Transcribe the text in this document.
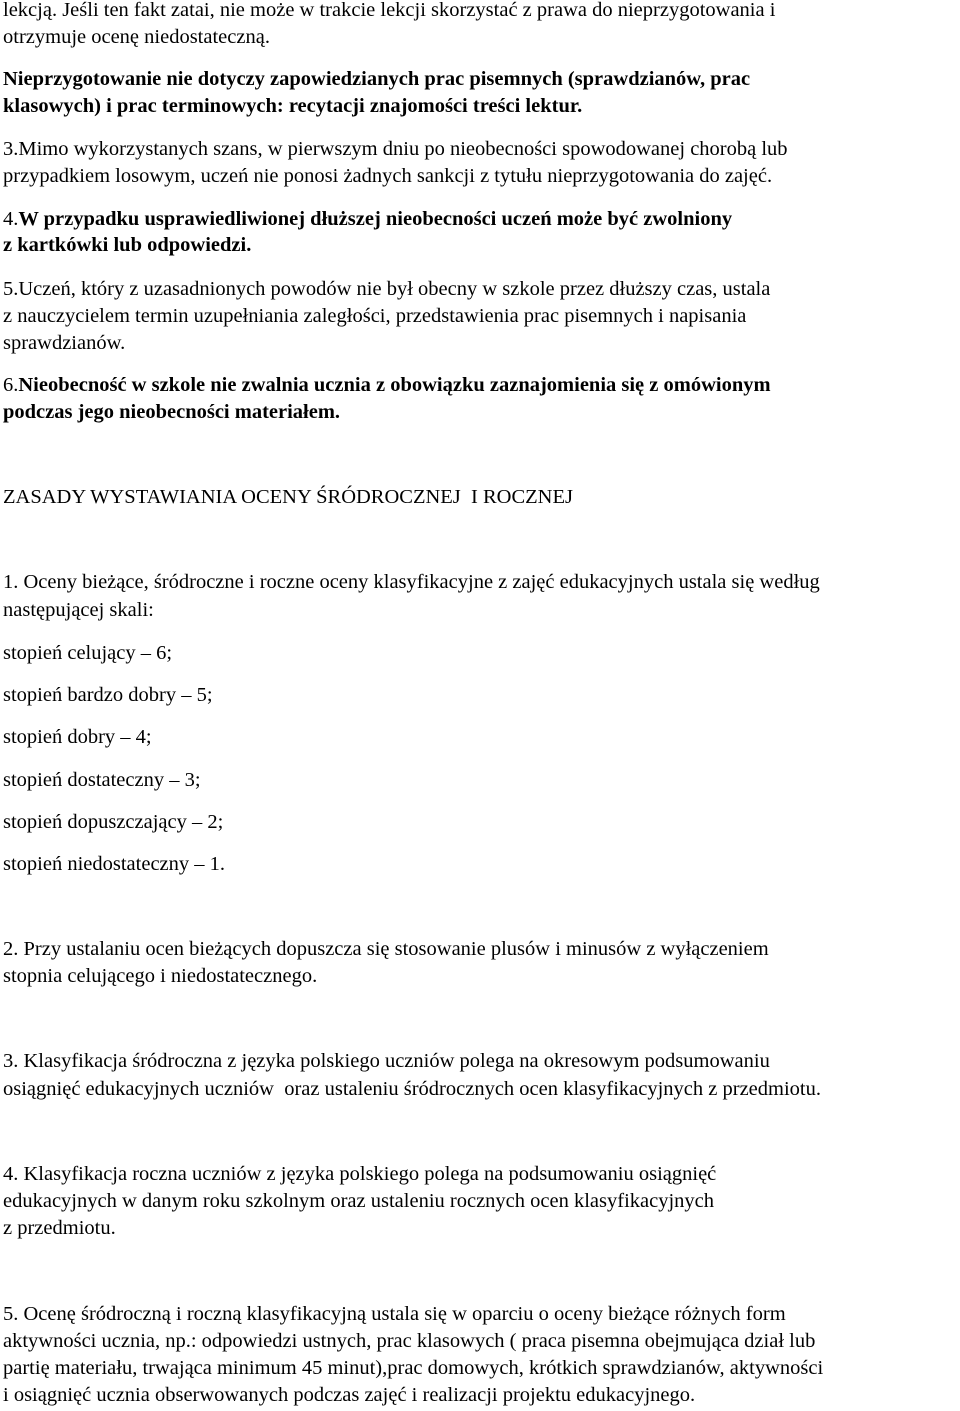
lekcją. Jeśli ten fakt zatai, nie może w trakcie lekcji skorzystać z prawa do nieprzygotowania i
otrzymuje ocenę niedostateczną.
Nieprzygotowanie nie dotyczy zapowiedzianych prac pisemnych (sprawdzianów, prac
klasowych) i prac terminowych: recytacji znajomości treści lektur.
3.Mimo wykorzystanych szans, w pierwszym dniu po nieobecności spowodowanej chorobą lub
przypadkiem losowym, uczeń nie ponosi żadnych sankcji z tytułu nieprzygotowania do zajęć.
4.W przypadku usprawiedliwionej dłuższej nieobecności uczeń może być zwolniony
z kartkówki lub odpowiedzi.
5.Uczeń, który z uzasadnionych powodów nie był obecny w szkole przez dłuższy czas, ustala
z nauczycielem termin uzupełniania zaległości, przedstawienia prac pisemnych i napisania
sprawdzianów.
6.Nieobecność w szkole nie zwalnia ucznia z obowiązku zaznajomienia się z omówionym
podczas jego nieobecności materiałem.
ZASADY WYSTAWIANIA OCENY ŚRÓDROCZNEJ  I ROCZNEJ
1. Oceny bieżące, śródroczne i roczne oceny klasyfikacyjne z zajęć edukacyjnych ustala się według
następującej skali:
stopień celujący – 6;
stopień bardzo dobry – 5;
stopień dobry – 4;
stopień dostateczny – 3;
stopień dopuszczający – 2;
stopień niedostateczny – 1.
2. Przy ustalaniu ocen bieżących dopuszcza się stosowanie plusów i minusów z wyłączeniem
stopnia celującego i niedostatecznego.
3. Klasyfikacja śródroczna z języka polskiego uczniów polega na okresowym podsumowaniu
osiągnięć edukacyjnych uczniów  oraz ustaleniu śródrocznych ocen klasyfikacyjnych z przedmiotu.
4. Klasyfikacja roczna uczniów z języka polskiego polega na podsumowaniu osiągnięć
edukacyjnych w danym roku szkolnym oraz ustaleniu rocznych ocen klasyfikacyjnych
z przedmiotu.
5. Ocenę śródroczną i roczną klasyfikacyjną ustala się w oparciu o oceny bieżące różnych form
aktywności ucznia, np.: odpowiedzi ustnych, prac klasowych ( praca pisemna obejmująca dział lub
partię materiału, trwająca minimum 45 minut),prac domowych, krótkich sprawdzianów, aktywności
i osiągnięć ucznia obserwowanych podczas zajęć i realizacji projektu edukacyjnego.
